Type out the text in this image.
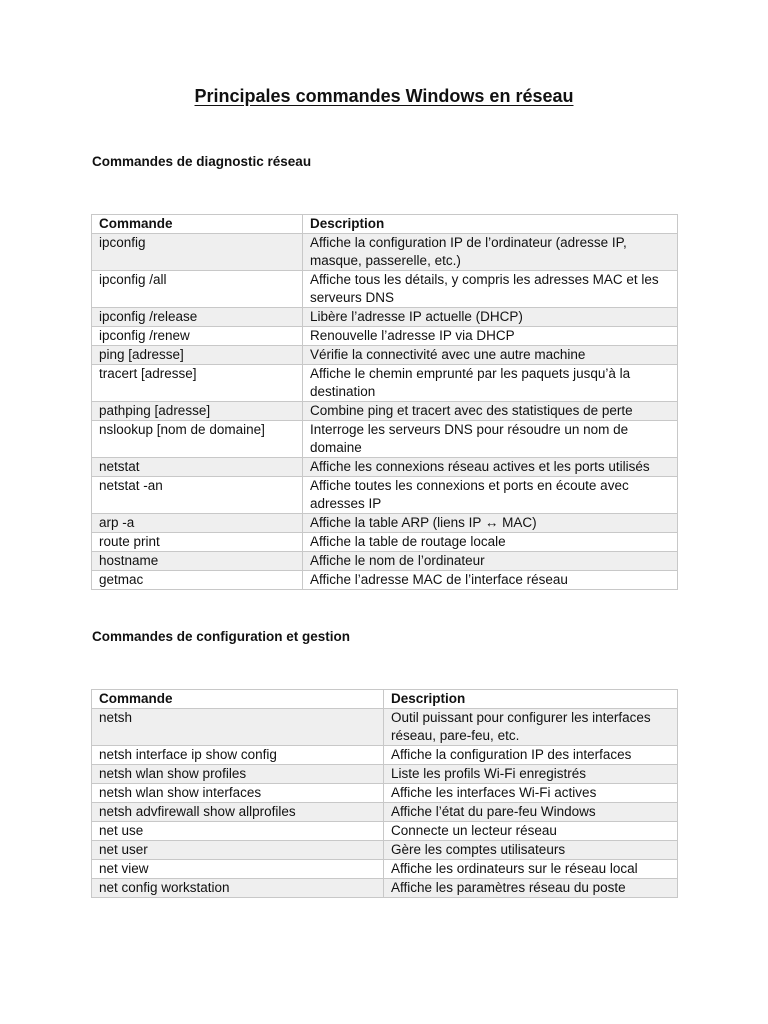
Principales commandes Windows en réseau
Commandes de diagnostic réseau
Commande	Description
ipconfig	Affiche la configuration IP de l’ordinateur (adresse IP, masque, passerelle, etc.)
ipconfig /all	Affiche tous les détails, y compris les adresses MAC et les serveurs DNS
ipconfig /release	Libère l’adresse IP actuelle (DHCP)
ipconfig /renew	Renouvelle l’adresse IP via DHCP
ping [adresse]	Vérifie la connectivité avec une autre machine
tracert [adresse]	Affiche le chemin emprunté par les paquets jusqu’à la destination
pathping [adresse]	Combine ping et tracert avec des statistiques de perte
nslookup [nom de domaine]	Interroge les serveurs DNS pour résoudre un nom de domaine
netstat	Affiche les connexions réseau actives et les ports utilisés
netstat -an	Affiche toutes les connexions et ports en écoute avec adresses IP
arp -a	Affiche la table ARP (liens IP ↔ MAC)
route print	Affiche la table de routage locale
hostname	Affiche le nom de l’ordinateur
getmac	Affiche l’adresse MAC de l’interface réseau
Commandes de configuration et gestion
Commande	Description
netsh	Outil puissant pour configurer les interfaces réseau, pare-feu, etc.
netsh interface ip show config	Affiche la configuration IP des interfaces
netsh wlan show profiles	Liste les profils Wi-Fi enregistrés
netsh wlan show interfaces	Affiche les interfaces Wi-Fi actives
netsh advfirewall show allprofiles	Affiche l’état du pare-feu Windows
net use	Connecte un lecteur réseau
net user	Gère les comptes utilisateurs
net view	Affiche les ordinateurs sur le réseau local
net config workstation	Affiche les paramètres réseau du poste
